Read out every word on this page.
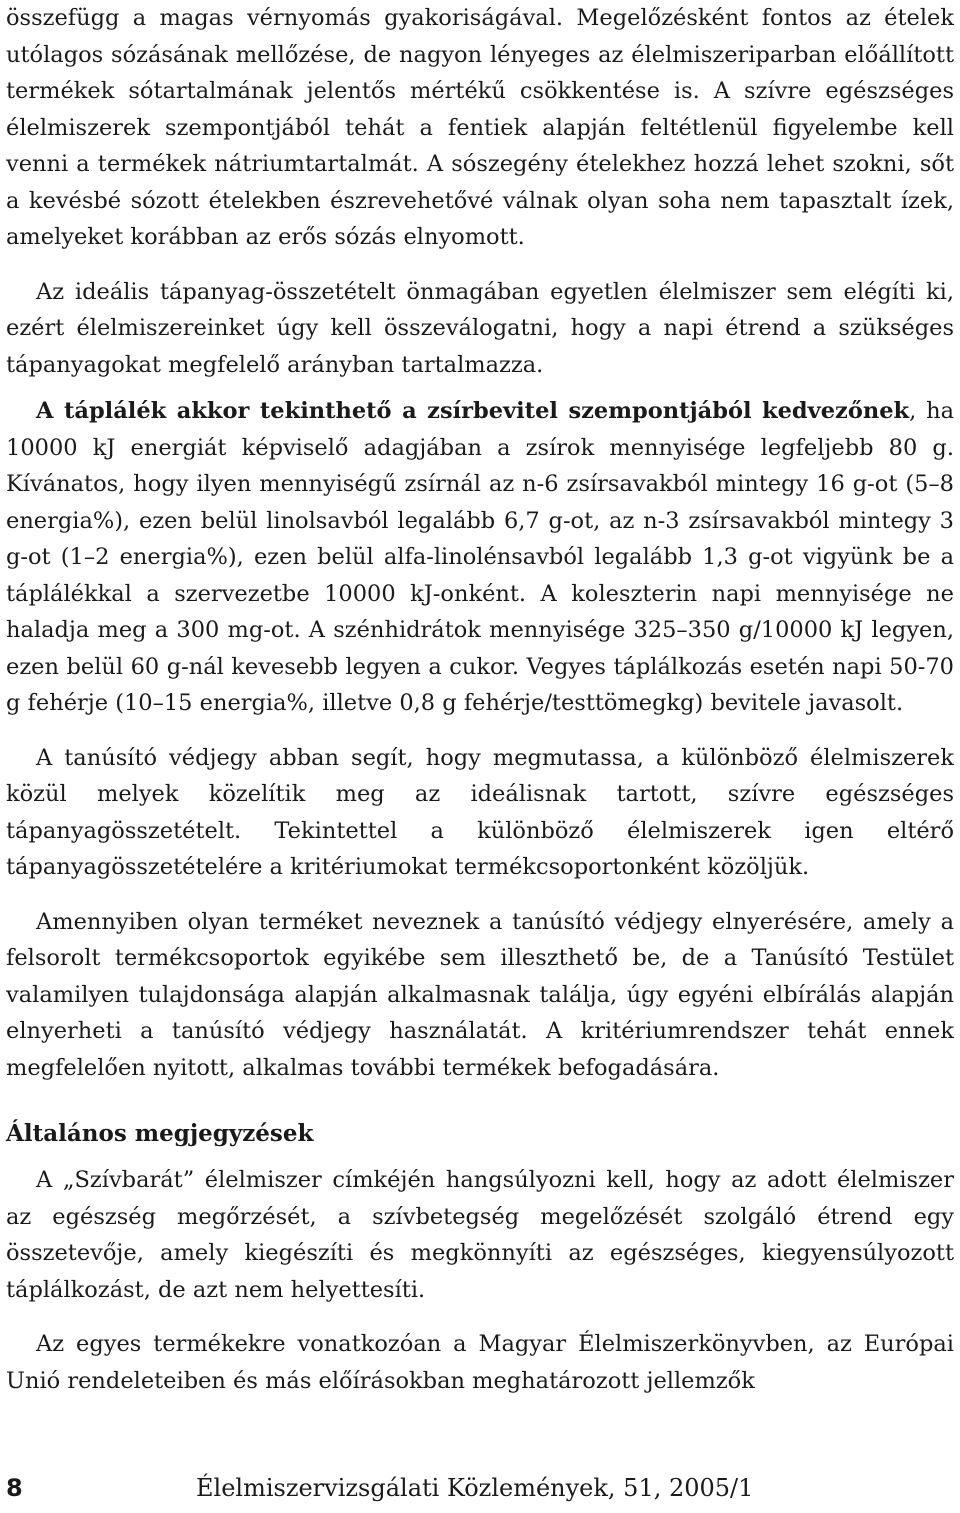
összefügg a magas vérnyomás gyakoriságával. Megelőzésként fontos az ételek utólagos sózásának mellőzése, de nagyon lényeges az élelmiszeriparban előállított termékek sótartalmának jelentős mértékű csökkentése is. A szívre egészséges élelmiszerek szempontjából tehát a fentiek alapján feltétlenül figyelembe kell venni a termékek nátriumtartalmát. A sószegény ételekhez hozzá lehet szokni, sőt a kevésbé sózott ételekben észrevehetővé válnak olyan soha nem tapasztalt ízek, amelyeket korábban az erős sózás elnyomott.

Az ideális tápanyag-összetételt önmagában egyetlen élelmiszer sem elégíti ki, ezért élelmiszereinket úgy kell összeválogatni, hogy a napi étrend a szükséges tápanyagokat megfelelő arányban tartalmazza.

A táplálék akkor tekinthető a zsírbevitel szempontjából kedvezőnek, ha 10000 kJ energiát képviselő adagjában a zsírok mennyisége legfeljebb 80 g. Kívánatos, hogy ilyen mennyiségű zsírnál az n-6 zsírsavakból mintegy 16 g-ot (5–8 energia%), ezen belül linolsavból legalább 6,7 g-ot, az n-3 zsírsavakból mintegy 3 g-ot (1–2 energia%), ezen belül alfa-linolénsavból legalább 1,3 g-ot vigyünk be a táplálékkal a szervezetbe 10000 kJ-onként. A koleszterin napi mennyisége ne haladja meg a 300 mg-ot. A szénhidrátok mennyisége 325–350 g/10000 kJ legyen, ezen belül 60 g-nál kevesebb legyen a cukor. Vegyes táplálkozás esetén napi 50-70 g fehérje (10–15 energia%, illetve 0,8 g fehérje/testtömegkg) bevitele javasolt.

A tanúsító védjegy abban segít, hogy megmutassa, a különböző élelmiszerek közül melyek közelítik meg az ideálisnak tartott, szívre egészséges tápanyagösszetételt. Tekintettel a különböző élelmiszerek igen eltérő tápanyagösszetételére a kritériumokat termékcsoportonként közöljük.

Amennyiben olyan terméket neveznek a tanúsító védjegy elnyerésére, amely a felsorolt termékcsoportok egyikébe sem illeszthető be, de a Tanúsító Testület valamilyen tulajdonsága alapján alkalmasnak találja, úgy egyéni elbírálás alapján elnyerheti a tanúsító védjegy használatát. A kritériumrendszer tehát ennek megfelelően nyitott, alkalmas további termékek befogadására.

Általános megjegyzések

A „Szívbarát” élelmiszer címkéjén hangsúlyozni kell, hogy az adott élelmiszer az egészség megőrzését, a szívbetegség megelőzését szolgáló étrend egy összetevője, amely kiegészíti és megkönnyíti az egészséges, kiegyensúlyozott táplálkozást, de azt nem helyettesíti.

Az egyes termékekre vonatkozóan a Magyar Élelmiszerkönyvben, az Európai Unió rendeleteiben és más előírásokban meghatározott jellemzők

8	Élelmiszervizsgálati Közlemények, 51, 2005/1
